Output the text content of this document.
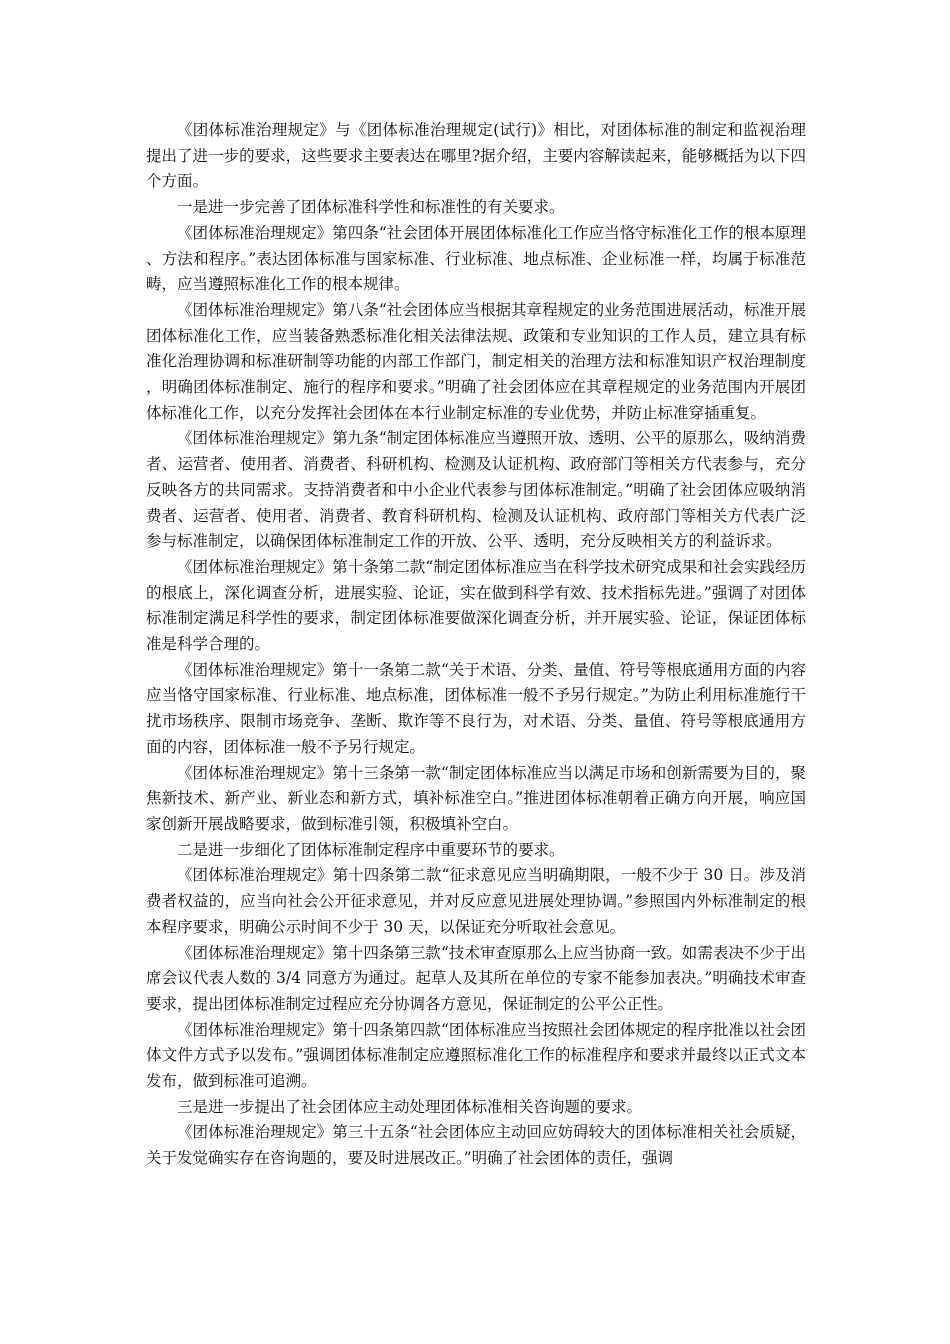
《团体标准治理规定》与《团体标准治理规定(试行)》相比，对团体标准的制定和监视治理提出了进一步的要求，这些要求主要表达在哪里?据介绍，主要内容解读起来，能够概括为以下四个方面。

一是进一步完善了团体标准科学性和标准性的有关要求。

《团体标准治理规定》第四条“社会团体开展团体标准化工作应当恪守标准化工作的根本原理、方法和程序。”表达团体标准与国家标准、行业标准、地点标准、企业标准一样，均属于标准范畴，应当遵照标准化工作的根本规律。

《团体标准治理规定》第八条“社会团体应当根据其章程规定的业务范围进展活动，标准开展团体标准化工作，应当装备熟悉标准化相关法律法规、政策和专业知识的工作人员，建立具有标准化治理协调和标准研制等功能的内部工作部门，制定相关的治理方法和标准知识产权治理制度，明确团体标准制定、施行的程序和要求。”明确了社会团体应在其章程规定的业务范围内开展团体标准化工作，以充分发挥社会团体在本行业制定标准的专业优势，并防止标准穿插重复。

《团体标准治理规定》第九条“制定团体标准应当遵照开放、透明、公平的原那么，吸纳消费者、运营者、使用者、消费者、科研机构、检测及认证机构、政府部门等相关方代表参与，充分反映各方的共同需求。支持消费者和中小企业代表参与团体标准制定。”明确了社会团体应吸纳消费者、运营者、使用者、消费者、教育科研机构、检测及认证机构、政府部门等相关方代表广泛参与标准制定，以确保团体标准制定工作的开放、公平、透明，充分反映相关方的利益诉求。

《团体标准治理规定》第十条第二款“制定团体标准应当在科学技术研究成果和社会实践经历的根底上，深化调查分析，进展实验、论证，实在做到科学有效、技术指标先进。”强调了对团体标准制定满足科学性的要求，制定团体标准要做深化调查分析，并开展实验、论证，保证团体标准是科学合理的。

《团体标准治理规定》第十一条第二款“关于术语、分类、量值、符号等根底通用方面的内容应当恪守国家标准、行业标准、地点标准，团体标准一般不予另行规定。”为防止利用标准施行干扰市场秩序、限制市场竞争、垄断、欺诈等不良行为，对术语、分类、量值、符号等根底通用方面的内容，团体标准一般不予另行规定。

《团体标准治理规定》第十三条第一款“制定团体标准应当以满足市场和创新需要为目的，聚焦新技术、新产业、新业态和新方式，填补标准空白。”推进团体标准朝着正确方向开展，响应国家创新开展战略要求，做到标准引领，积极填补空白。

二是进一步细化了团体标准制定程序中重要环节的要求。

《团体标准治理规定》第十四条第二款“征求意见应当明确期限，一般不少于 30 日。涉及消费者权益的，应当向社会公开征求意见，并对反应意见进展处理协调。”参照国内外标准制定的根本程序要求，明确公示时间不少于 30 天，以保证充分听取社会意见。

《团体标准治理规定》第十四条第三款“技术审查原那么上应当协商一致。如需表决不少于出席会议代表人数的 3/4 同意方为通过。起草人及其所在单位的专家不能参加表决。”明确技术审查要求，提出团体标准制定过程应充分协调各方意见，保证制定的公平公正性。

《团体标准治理规定》第十四条第四款“团体标准应当按照社会团体规定的程序批准以社会团体文件方式予以发布。”强调团体标准制定应遵照标准化工作的标准程序和要求并最终以正式文本发布，做到标准可追溯。

三是进一步提出了社会团体应主动处理团体标准相关咨询题的要求。

《团体标准治理规定》第三十五条“社会团体应主动回应妨碍较大的团体标准相关社会质疑，关于发觉确实存在咨询题的，要及时进展改正。”明确了社会团体的责任，强调
